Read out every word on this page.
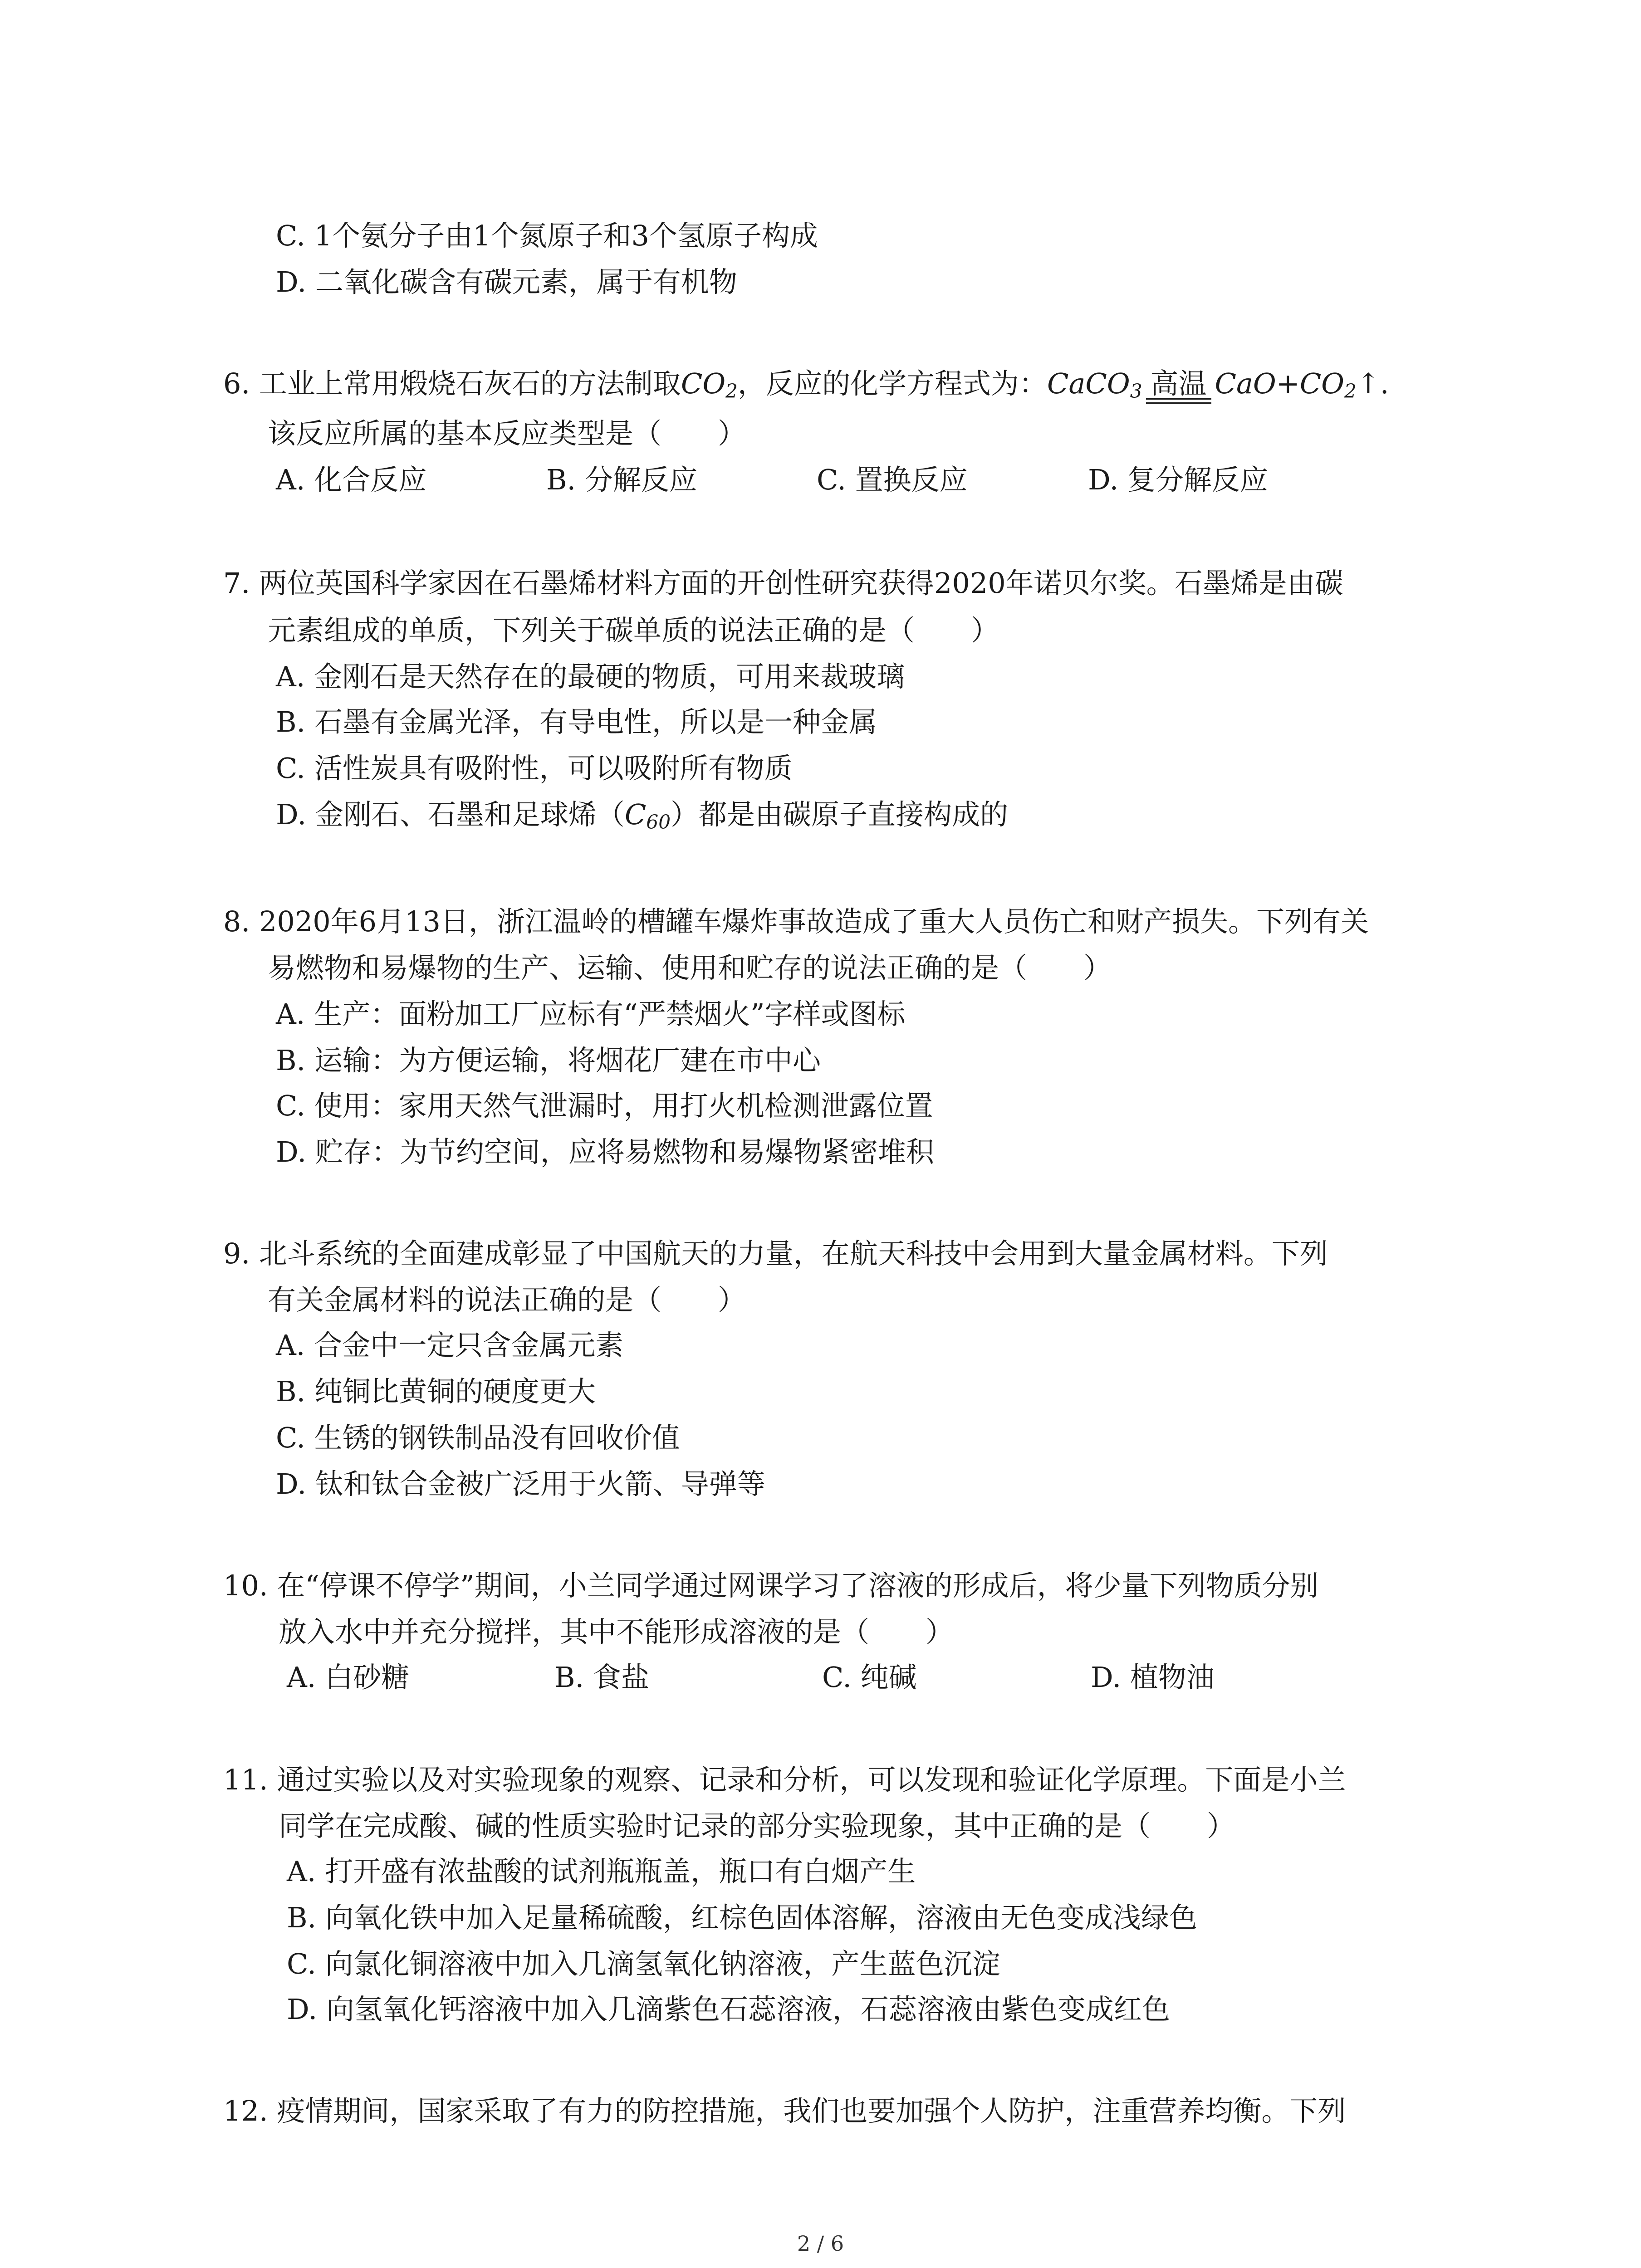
C. 1个氨分子由1个氮原子和3个氢原子构成
D. 二氧化碳含有碳元素，属于有机物
6. 工业上常用煅烧石灰石的方法制取$CO_2$，反应的化学方程式为：CaCO$_3$ 高温 $CaO+CO_2↑$.
该反应所属的基本反应类型是（　　）
A. 化合反应	B. 分解反应	C. 置换反应	D. 复分解反应
7. 两位英国科学家因在石墨烯材料方面的开创性研究获得2020年诺贝尔奖。石墨烯是由碳
元素组成的单质，下列关于碳单质的说法正确的是（　　）
A. 金刚石是天然存在的最硬的物质，可用来裁玻璃
B. 石墨有金属光泽，有导电性，所以是一种金属
C. 活性炭具有吸附性，可以吸附所有物质
D. 金刚石、石墨和足球烯$(C_{60})$都是由碳原子直接构成的
8. 2020年6月13日，浙江温岭的槽罐车爆炸事故造成了重大人员伤亡和财产损失。下列有关
易燃物和易爆物的生产、运输、使用和贮存的说法正确的是（　　）
A. 生产：面粉加工厂应标有“严禁烟火”字样或图标
B. 运输：为方便运输，将烟花厂建在市中心
C. 使用：家用天然气泄漏时，用打火机检测泄露位置
D. 贮存：为节约空间，应将易燃物和易爆物紧密堆积
9. 北斗系统的全面建成彰显了中国航天的力量，在航天科技中会用到大量金属材料。下列
有关金属材料的说法正确的是（　　）
A. 合金中一定只含金属元素
B. 纯铜比黄铜的硬度更大
C. 生锈的钢铁制品没有回收价值
D. 钛和钛合金被广泛用于火箭、导弹等
10. 在“停课不停学”期间，小兰同学通过网课学习了溶液的形成后，将少量下列物质分别
放入水中并充分搅拌，其中不能形成溶液的是（　　）
A. 白砂糖	B. 食盐	C. 纯碱	D. 植物油
11. 通过实验以及对实验现象的观察、记录和分析，可以发现和验证化学原理。下面是小兰
同学在完成酸、碱的性质实验时记录的部分实验现象，其中正确的是（　　）
A. 打开盛有浓盐酸的试剂瓶瓶盖，瓶口有白烟产生
B. 向氧化铁中加入足量稀硫酸，红棕色固体溶解，溶液由无色变成浅绿色
C. 向氯化铜溶液中加入几滴氢氧化钠溶液，产生蓝色沉淀
D. 向氢氧化钙溶液中加入几滴紫色石蕊溶液，石蕊溶液由紫色变成红色
12. 疫情期间，国家采取了有力的防控措施，我们也要加强个人防护，注重营养均衡。下列
2 / 6
